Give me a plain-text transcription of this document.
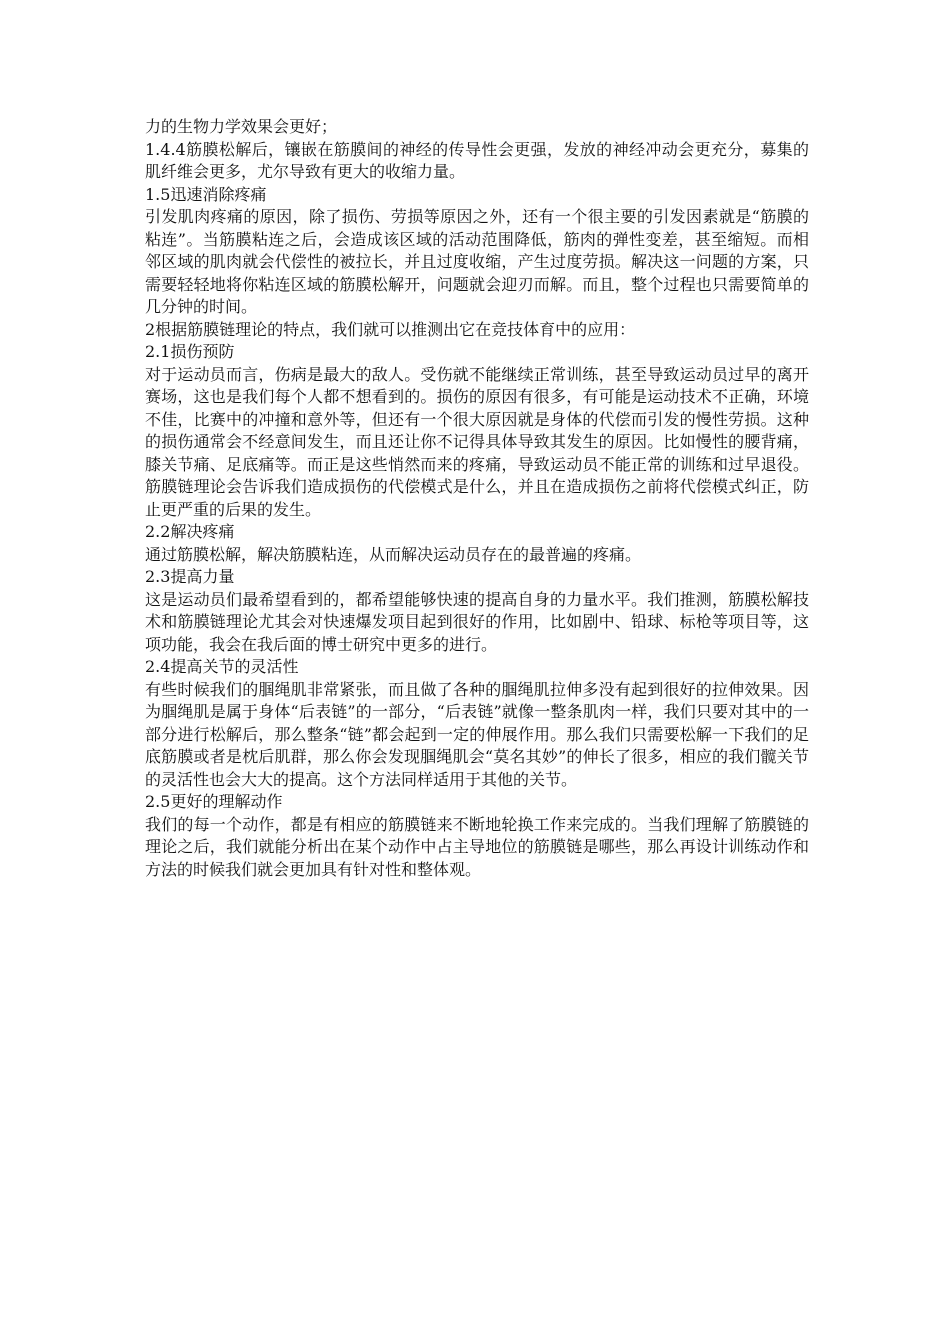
力的生物力学效果会更好；

1.4.4筋膜松解后，镶嵌在筋膜间的神经的传导性会更强，发放的神经冲动会更充分，募集的肌纤维会更多，尤尔导致有更大的收缩力量。

1.5迅速消除疼痛

引发肌肉疼痛的原因，除了损伤、劳损等原因之外，还有一个很主要的引发因素就是“筋膜的粘连”。当筋膜粘连之后，会造成该区域的活动范围降低，筋肉的弹性变差，甚至缩短。而相邻区域的肌肉就会代偿性的被拉长，并且过度收缩，产生过度劳损。解决这一问题的方案，只需要轻轻地将你粘连区域的筋膜松解开，问题就会迎刃而解。而且，整个过程也只需要简单的几分钟的时间。

2根据筋膜链理论的特点，我们就可以推测出它在竞技体育中的应用：

2.1损伤预防

对于运动员而言，伤病是最大的敌人。受伤就不能继续正常训练，甚至导致运动员过早的离开赛场，这也是我们每个人都不想看到的。损伤的原因有很多，有可能是运动技术不正确，环境不佳，比赛中的冲撞和意外等，但还有一个很大原因就是身体的代偿而引发的慢性劳损。这种的损伤通常会不经意间发生，而且还让你不记得具体导致其发生的原因。比如慢性的腰背痛，膝关节痛、足底痛等。而正是这些悄然而来的疼痛，导致运动员不能正常的训练和过早退役。筋膜链理论会告诉我们造成损伤的代偿模式是什么，并且在造成损伤之前将代偿模式纠正，防止更严重的后果的发生。

2.2解决疼痛

通过筋膜松解，解决筋膜粘连，从而解决运动员存在的最普遍的疼痛。

2.3提高力量

这是运动员们最希望看到的，都希望能够快速的提高自身的力量水平。我们推测，筋膜松解技术和筋膜链理论尤其会对快速爆发项目起到很好的作用，比如剧中、铅球、标枪等项目等，这项功能，我会在我后面的博士研究中更多的进行。

2.4提高关节的灵活性

有些时候我们的腘绳肌非常紧张，而且做了各种的腘绳肌拉伸多没有起到很好的拉伸效果。因为腘绳肌是属于身体“后表链”的一部分，“后表链”就像一整条肌肉一样，我们只要对其中的一部分进行松解后，那么整条“链”都会起到一定的伸展作用。那么我们只需要松解一下我们的足底筋膜或者是枕后肌群，那么你会发现腘绳肌会“莫名其妙”的伸长了很多，相应的我们髋关节的灵活性也会大大的提高。这个方法同样适用于其他的关节。

2.5更好的理解动作

我们的每一个动作，都是有相应的筋膜链来不断地轮换工作来完成的。当我们理解了筋膜链的理论之后，我们就能分析出在某个动作中占主导地位的筋膜链是哪些，那么再设计训练动作和方法的时候我们就会更加具有针对性和整体观。
